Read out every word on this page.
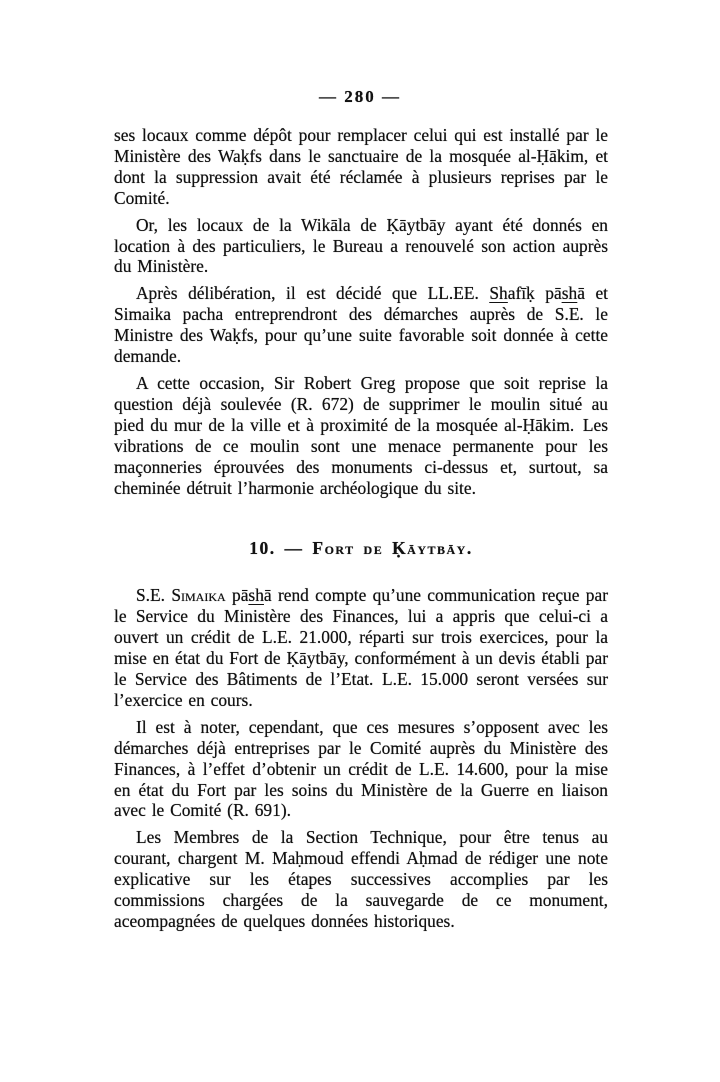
— 280 —

ses locaux comme dépôt pour remplacer celui qui est installé par le Ministère des Waḳfs dans le sanctuaire de la mosquée al-Ḥākim, et dont la suppression avait été réclamée à plusieurs reprises par le Comité.

Or, les locaux de la Wikāla de Ḳāytbāy ayant été donnés en location à des particuliers, le Bureau a renouvelé son action auprès du Ministère.

Après délibération, il est décidé que LL.EE. Shafīḳ pāshā et Simaika pacha entreprendront des démarches auprès de S.E. le Ministre des Waḳfs, pour qu’une suite favorable soit donnée à cette demande.

A cette occasion, Sir Robert Greg propose que soit reprise la question déjà soulevée (R. 672) de supprimer le moulin situé au pied du mur de la ville et à proximité de la mosquée al-Ḥākim. Les vibrations de ce moulin sont une menace permanente pour les maçonneries éprouvées des monuments ci-dessus et, surtout, sa cheminée détruit l’harmonie archéologique du site.

10. — Fort de Ḳāytbāy.

S.E. Simaika pāshā rend compte qu’une communication reçue par le Service du Ministère des Finances, lui a appris que celui-ci a ouvert un crédit de L.E. 21.000, réparti sur trois exercices, pour la mise en état du Fort de Ḳāytbāy, conformément à un devis établi par le Service des Bâtiments de l’Etat. L.E. 15.000 seront versées sur l’exercice en cours.

Il est à noter, cependant, que ces mesures s’opposent avec les démarches déjà entreprises par le Comité auprès du Ministère des Finances, à l’effet d’obtenir un crédit de L.E. 14.600, pour la mise en état du Fort par les soins du Ministère de la Guerre en liaison avec le Comité (R. 691).

Les Membres de la Section Technique, pour être tenus au courant, chargent M. Maḥmoud effendi Aḥmad de rédiger une note explicative sur les étapes successives accomplies par les commissions chargées de la sauvegarde de ce monument, aceompagnées de quelques données historiques.
